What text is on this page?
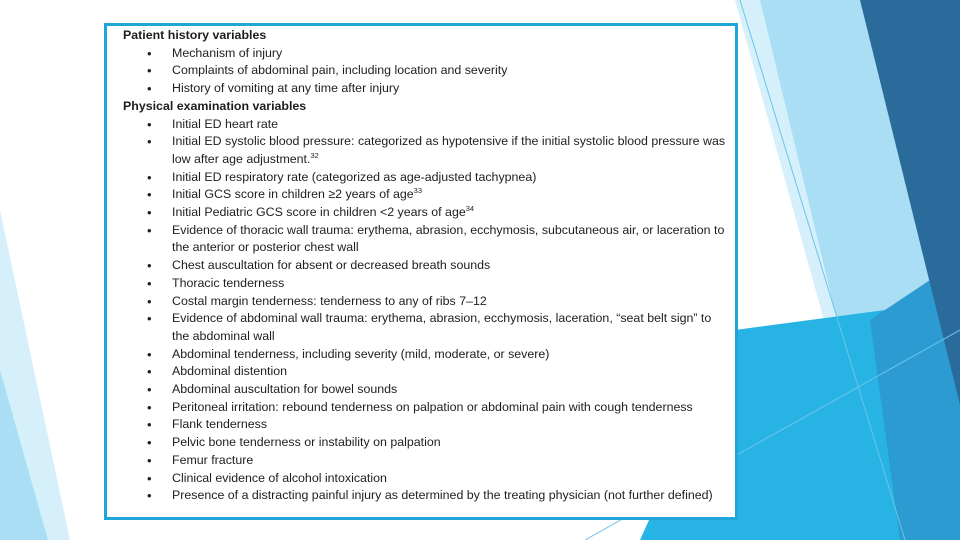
Patient history variables
• Mechanism of injury
• Complaints of abdominal pain, including location and severity
• History of vomiting at any time after injury
Physical examination variables
• Initial ED heart rate
• Initial ED systolic blood pressure: categorized as hypotensive if the initial systolic blood pressure was low after age adjustment.$^{32}$
• Initial ED respiratory rate (categorized as age-adjusted tachypnea)
• Initial GCS score in children ≥2 years of age$^{33}$
• Initial Pediatric GCS score in children <2 years of age$^{34}$
• Evidence of thoracic wall trauma: erythema, abrasion, ecchymosis, subcutaneous air, or laceration to the anterior or posterior chest wall
• Chest auscultation for absent or decreased breath sounds
• Thoracic tenderness
• Costal margin tenderness: tenderness to any of ribs 7–12
• Evidence of abdominal wall trauma: erythema, abrasion, ecchymosis, laceration, “seat belt sign” to the abdominal wall
• Abdominal tenderness, including severity (mild, moderate, or severe)
• Abdominal distention
• Abdominal auscultation for bowel sounds
• Peritoneal irritation: rebound tenderness on palpation or abdominal pain with cough tenderness
• Flank tenderness
• Pelvic bone tenderness or instability on palpation
• Femur fracture
• Clinical evidence of alcohol intoxication
• Presence of a distracting painful injury as determined by the treating physician (not further defined)
